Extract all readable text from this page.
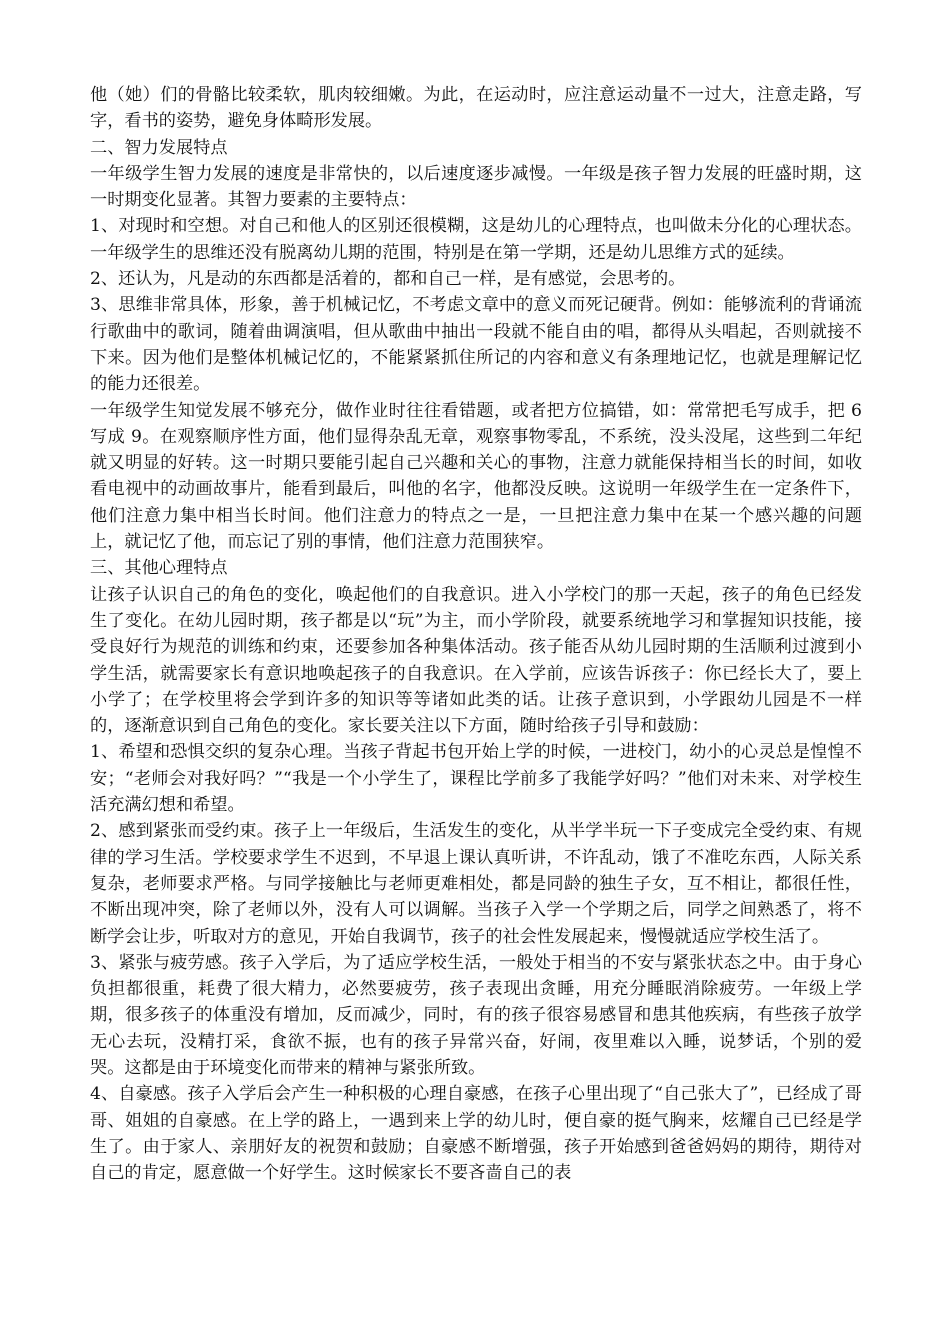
他（她）们的骨骼比较柔软，肌肉较细嫩。为此，在运动时，应注意运动量不一过大，注意走路，写字，看书的姿势，避免身体畸形发展。

二、智力发展特点

一年级学生智力发展的速度是非常快的，以后速度逐步减慢。一年级是孩子智力发展的旺盛时期，这一时期变化显著。其智力要素的主要特点：

1、对现时和空想。对自己和他人的区别还很模糊，这是幼儿的心理特点，也叫做未分化的心理状态。一年级学生的思维还没有脱离幼儿期的范围，特别是在第一学期，还是幼儿思维方式的延续。

2、还认为，凡是动的东西都是活着的，都和自己一样，是有感觉，会思考的。

3、思维非常具体，形象，善于机械记忆，不考虑文章中的意义而死记硬背。例如：能够流利的背诵流行歌曲中的歌词，随着曲调演唱，但从歌曲中抽出一段就不能自由的唱，都得从头唱起，否则就接不下来。因为他们是整体机械记忆的，不能紧紧抓住所记的内容和意义有条理地记忆，也就是理解记忆的能力还很差。

一年级学生知觉发展不够充分，做作业时往往看错题，或者把方位搞错，如：常常把毛写成手，把 6 写成 9。在观察顺序性方面，他们显得杂乱无章，观察事物零乱，不系统，没头没尾，这些到二年纪就又明显的好转。这一时期只要能引起自己兴趣和关心的事物，注意力就能保持相当长的时间，如收看电视中的动画故事片，能看到最后，叫他的名字，他都没反映。这说明一年级学生在一定条件下，他们注意力集中相当长时间。他们注意力的特点之一是，一旦把注意力集中在某一个感兴趣的问题上，就记忆了他，而忘记了别的事情，他们注意力范围狭窄。

三、其他心理特点

让孩子认识自己的角色的变化，唤起他们的自我意识。进入小学校门的那一天起，孩子的角色已经发生了变化。在幼儿园时期，孩子都是以“玩”为主，而小学阶段，就要系统地学习和掌握知识技能，接受良好行为规范的训练和约束，还要参加各种集体活动。孩子能否从幼儿园时期的生活顺利过渡到小学生活，就需要家长有意识地唤起孩子的自我意识。在入学前，应该告诉孩子：你已经长大了，要上小学了；在学校里将会学到许多的知识等等诸如此类的话。让孩子意识到，小学跟幼儿园是不一样的，逐渐意识到自己角色的变化。家长要关注以下方面，随时给孩子引导和鼓励：

1、希望和恐惧交织的复杂心理。当孩子背起书包开始上学的时候，一进校门，幼小的心灵总是惶惶不安；“老师会对我好吗？”“我是一个小学生了，课程比学前多了我能学好吗？”他们对未来、对学校生活充满幻想和希望。

2、感到紧张而受约束。孩子上一年级后，生活发生的变化，从半学半玩一下子变成完全受约束、有规律的学习生活。学校要求学生不迟到，不早退上课认真听讲，不许乱动，饿了不准吃东西，人际关系复杂，老师要求严格。与同学接触比与老师更难相处，都是同龄的独生子女，互不相让，都很任性，不断出现冲突，除了老师以外，没有人可以调解。当孩子入学一个学期之后，同学之间熟悉了，将不断学会让步，听取对方的意见，开始自我调节，孩子的社会性发展起来，慢慢就适应学校生活了。

3、紧张与疲劳感。孩子入学后，为了适应学校生活，一般处于相当的不安与紧张状态之中。由于身心负担都很重，耗费了很大精力，必然要疲劳，孩子表现出贪睡，用充分睡眠消除疲劳。一年级上学期，很多孩子的体重没有增加，反而减少，同时，有的孩子很容易感冒和患其他疾病，有些孩子放学无心去玩，没精打采，食欲不振，也有的孩子异常兴奋，好闹，夜里难以入睡，说梦话，个别的爱哭。这都是由于环境变化而带来的精神与紧张所致。

4、自豪感。孩子入学后会产生一种积极的心理自豪感，在孩子心里出现了“自己张大了”，已经成了哥哥、姐姐的自豪感。在上学的路上，一遇到来上学的幼儿时，便自豪的挺气胸来，炫耀自己已经是学生了。由于家人、亲朋好友的祝贺和鼓励；自豪感不断增强，孩子开始感到爸爸妈妈的期待，期待对自己的肯定，愿意做一个好学生。这时候家长不要吝啬自己的表
